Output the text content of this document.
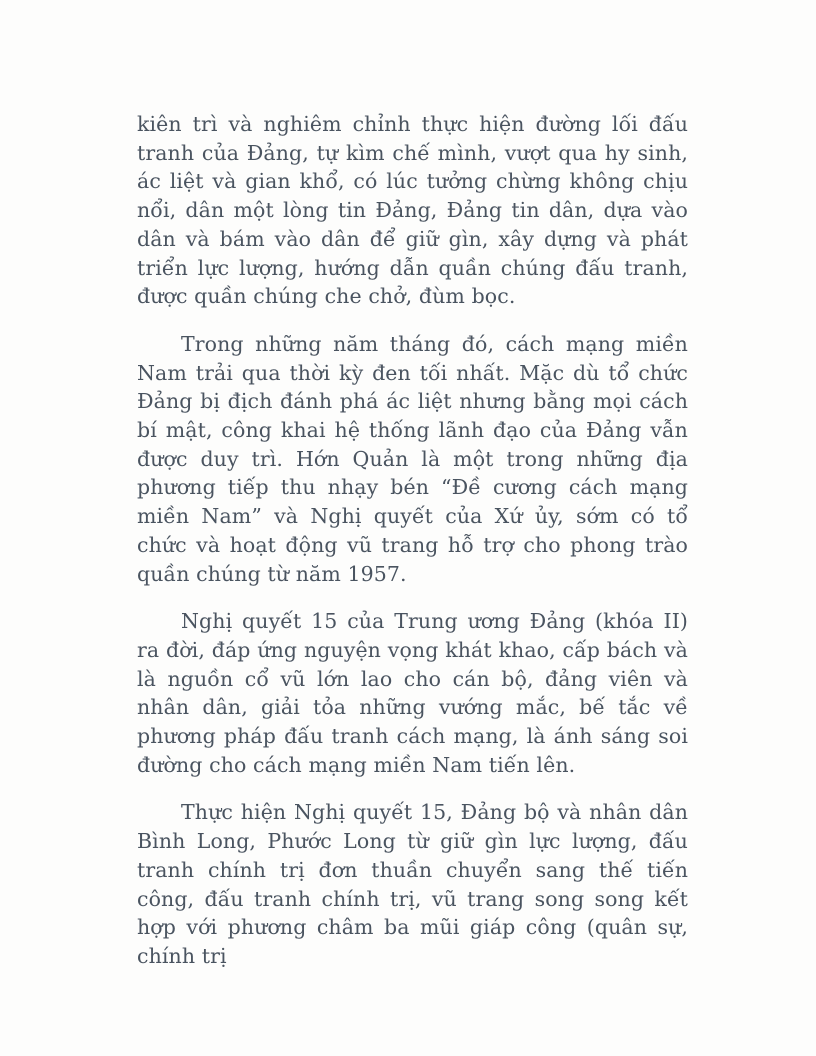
kiên trì và nghiêm chỉnh thực hiện đường lối đấu tranh của Đảng, tự kìm chế mình, vượt qua hy sinh, ác liệt và gian khổ, có lúc tưởng chừng không chịu nổi, dân một lòng tin Đảng, Đảng tin dân, dựa vào dân và bám vào dân để giữ gìn, xây dựng và phát triển lực lượng, hướng dẫn quần chúng đấu tranh, được quần chúng che chở, đùm bọc.

Trong những năm tháng đó, cách mạng miền Nam trải qua thời kỳ đen tối nhất. Mặc dù tổ chức Đảng bị địch đánh phá ác liệt nhưng bằng mọi cách bí mật, công khai hệ thống lãnh đạo của Đảng vẫn được duy trì. Hớn Quản là một trong những địa phương tiếp thu nhạy bén “Đề cương cách mạng miền Nam” và Nghị quyết của Xứ ủy, sớm có tổ chức và hoạt động vũ trang hỗ trợ cho phong trào quần chúng từ năm 1957.

Nghị quyết 15 của Trung ương Đảng (khóa II) ra đời, đáp ứng nguyện vọng khát khao, cấp bách và là nguồn cổ vũ lớn lao cho cán bộ, đảng viên và nhân dân, giải tỏa những vướng mắc, bế tắc về phương pháp đấu tranh cách mạng, là ánh sáng soi đường cho cách mạng miền Nam tiến lên.

Thực hiện Nghị quyết 15, Đảng bộ và nhân dân Bình Long, Phước Long từ giữ gìn lực lượng, đấu tranh chính trị đơn thuần chuyển sang thế tiến công, đấu tranh chính trị, vũ trang song song kết hợp với phương châm ba mũi giáp công (quân sự, chính trị
